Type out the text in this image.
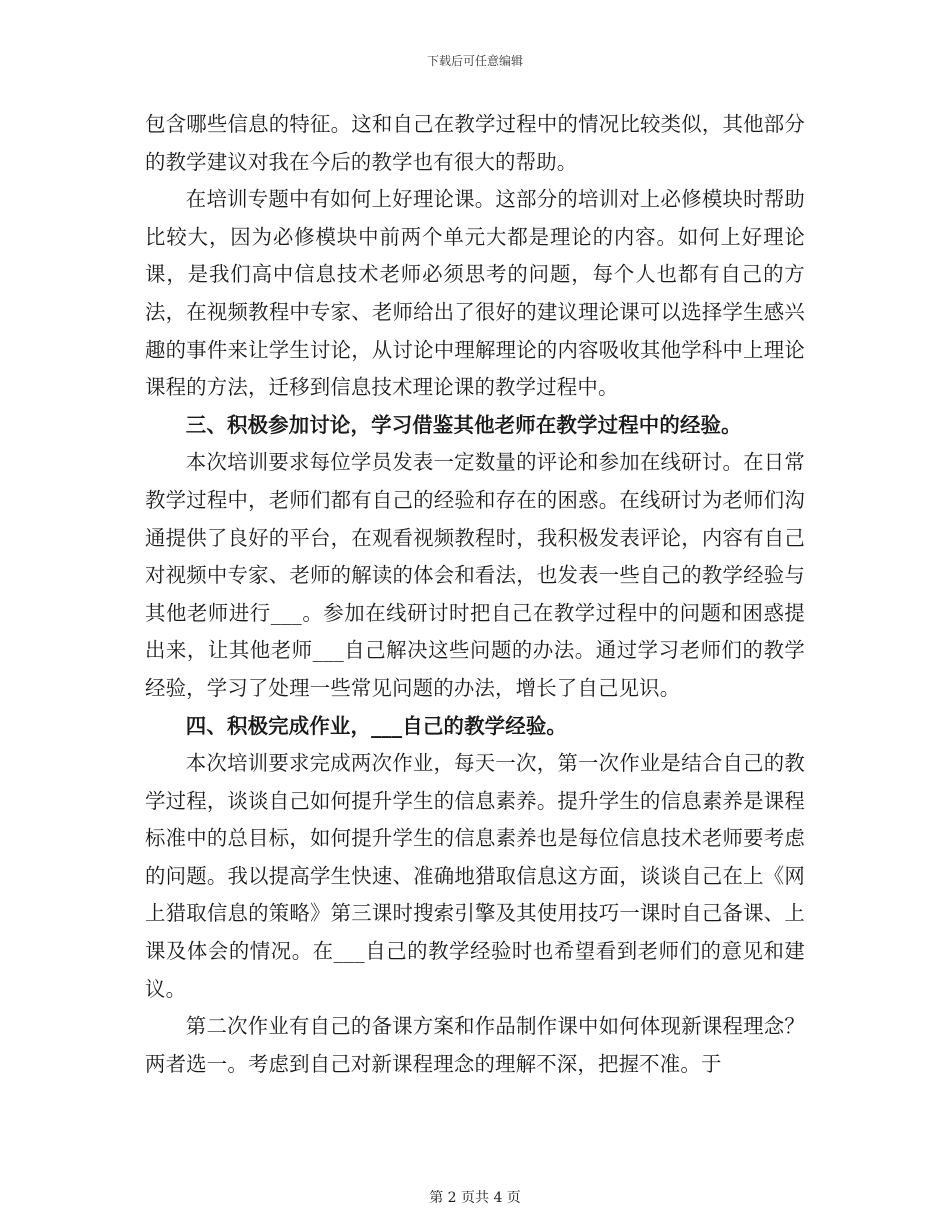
下载后可任意编辑

包含哪些信息的特征。这和自己在教学过程中的情况比较类似，其他部分的教学建议对我在今后的教学也有很大的帮助。

在培训专题中有如何上好理论课。这部分的培训对上必修模块时帮助比较大，因为必修模块中前两个单元大都是理论的内容。如何上好理论课，是我们高中信息技术老师必须思考的问题，每个人也都有自己的方法，在视频教程中专家、老师给出了很好的建议理论课可以选择学生感兴趣的事件来让学生讨论，从讨论中理解理论的内容吸收其他学科中上理论课程的方法，迁移到信息技术理论课的教学过程中。

三、积极参加讨论，学习借鉴其他老师在教学过程中的经验。

本次培训要求每位学员发表一定数量的评论和参加在线研讨。在日常教学过程中，老师们都有自己的经验和存在的困惑。在线研讨为老师们沟通提供了良好的平台，在观看视频教程时，我积极发表评论，内容有自己对视频中专家、老师的解读的体会和看法，也发表一些自己的教学经验与其他老师进行___。参加在线研讨时把自己在教学过程中的问题和困惑提出来，让其他老师___自己解决这些问题的办法。通过学习老师们的教学经验，学习了处理一些常见问题的办法，增长了自己见识。

四、积极完成作业，___自己的教学经验。

本次培训要求完成两次作业，每天一次，第一次作业是结合自己的教学过程，谈谈自己如何提升学生的信息素养。提升学生的信息素养是课程标准中的总目标，如何提升学生的信息素养也是每位信息技术老师要考虑的问题。我以提高学生快速、准确地猎取信息这方面，谈谈自己在上《网上猎取信息的策略》第三课时搜索引擎及其使用技巧一课时自己备课、上课及体会的情况。在___自己的教学经验时也希望看到老师们的意见和建议。

第二次作业有自己的备课方案和作品制作课中如何体现新课程理念？两者选一。考虑到自己对新课程理念的理解不深，把握不准。于

第 2 页共 4 页
